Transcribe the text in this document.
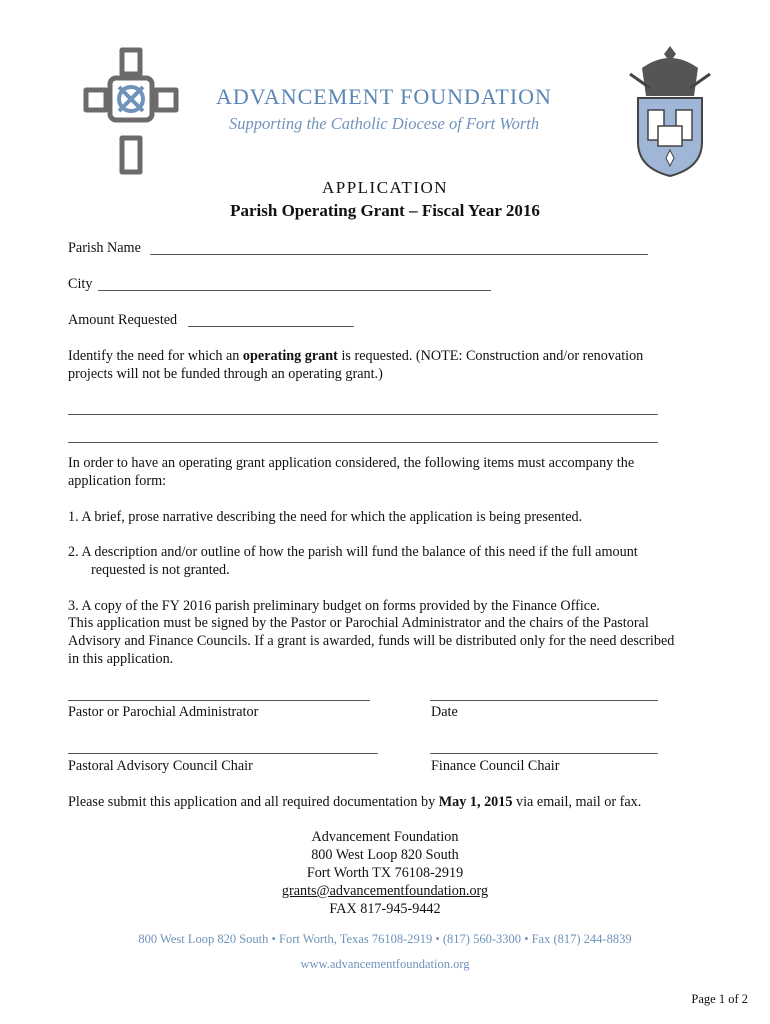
ADVANCEMENT FOUNDATION
Supporting the Catholic Diocese of Fort Worth
APPLICATION
Parish Operating Grant – Fiscal Year 2016
Parish Name
City
Amount Requested
Identify the need for which an operating grant is requested. (NOTE: Construction and/or renovation
projects will not be funded through an operating grant.)
In order to have an operating grant application considered, the following items must accompany the
application form:
1. A brief, prose narrative describing the need for which the application is being presented.
2. A description and/or outline of how the parish will fund the balance of this need if the full amount
requested is not granted.
3. A copy of the FY 2016 parish preliminary budget on forms provided by the Finance Office.
This application must be signed by the Pastor or Parochial Administrator and the chairs of the Pastoral
Advisory and Finance Councils. If a grant is awarded, funds will be distributed only for the need described
in this application.
Pastor or Parochial Administrator	Date
Pastoral Advisory Council Chair	Finance Council Chair
Please submit this application and all required documentation by May 1, 2015 via email, mail or fax.
Advancement Foundation
800 West Loop 820 South
Fort Worth TX 76108-2919
grants@advancementfoundation.org
FAX 817-945-9442
800 West Loop 820 South • Fort Worth, Texas 76108-2919 • (817) 560-3300 • Fax (817) 244-8839
www.advancementfoundation.org
Page 1 of 2
